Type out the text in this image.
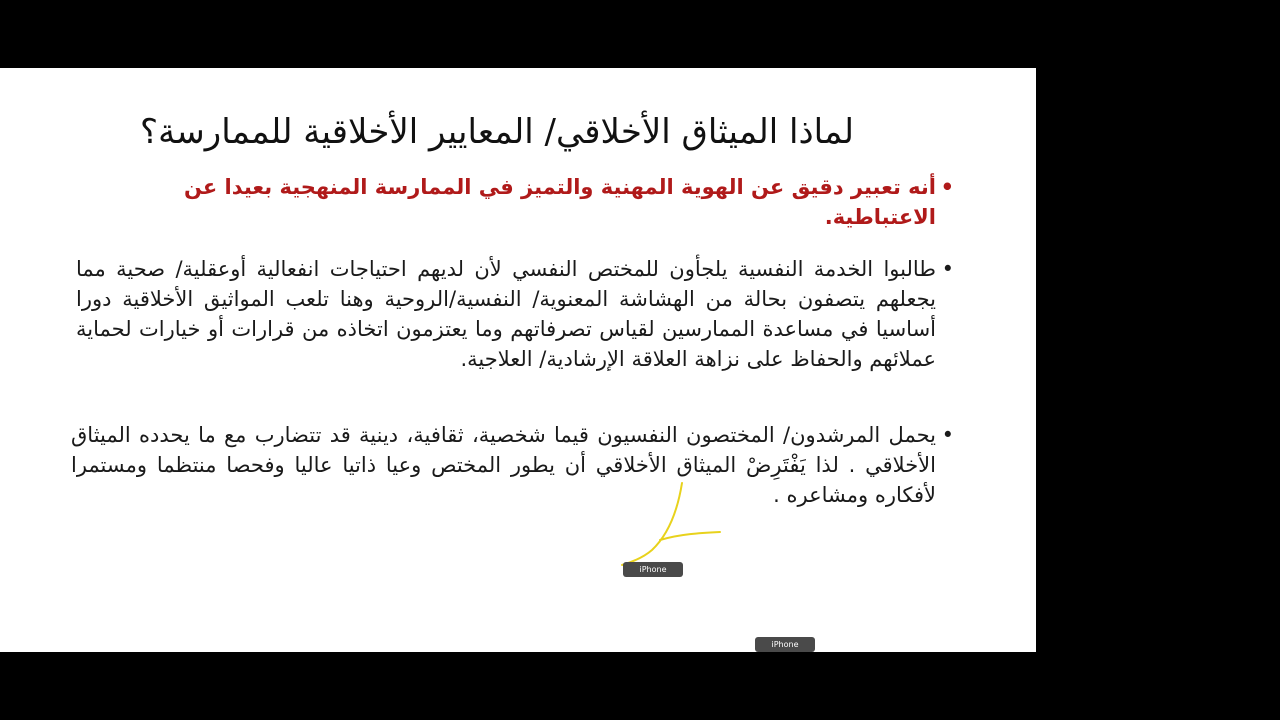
لماذا الميثاق الأخلاقي/ المعايير الأخلاقية للممارسة؟
•
أنه تعبير دقيق عن الهوية المهنية والتميز في الممارسة المنهجية بعيدا عن الاعتباطية.
•
طالبوا الخدمة النفسية يلجأون للمختص النفسي لأن لديهم احتياجات انفعالية أوعقلية/ صحية مما يجعلهم يتصفون بحالة من الهشاشة المعنوية/ النفسية/الروحية وهنا تلعب المواثيق الأخلاقية دورا أساسيا في مساعدة الممارسين لقياس تصرفاتهم وما يعتزمون اتخاذه من قرارات أو خيارات لحماية عملائهم والحفاظ على نزاهة العلاقة الإرشادية/ العلاجية.
•
يحمل المرشدون/ المختصون النفسيون قيما شخصية، ثقافية، دينية قد تتضارب مع ما يحدده الميثاق الأخلاقي . لذا يَفْتَرِضْ الميثاق الأخلاقي أن يطور المختص وعيا ذاتيا عاليا وفحصا منتظما ومستمرا لأفكاره ومشاعره .
iPhone
iPhone
